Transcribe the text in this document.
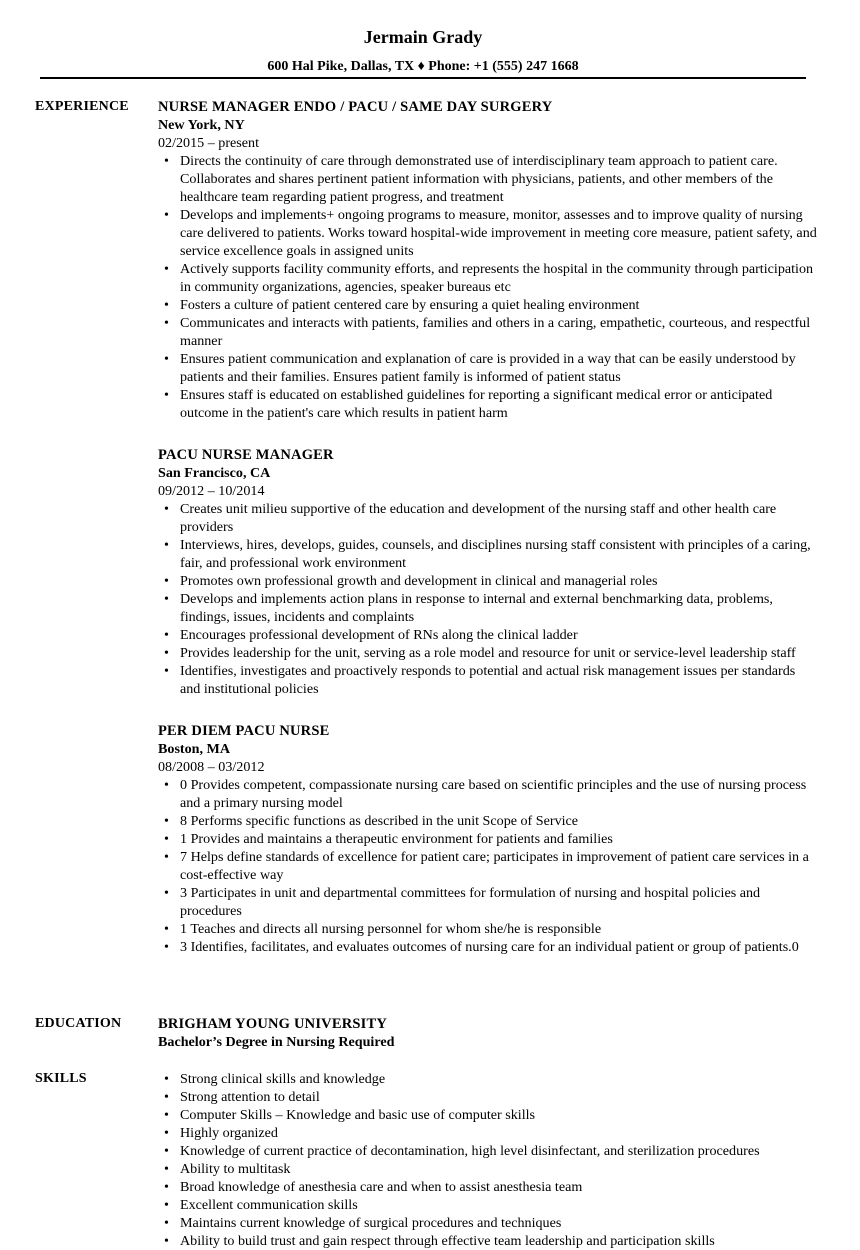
Jermain Grady
600 Hal Pike, Dallas, TX ♦ Phone: +1 (555) 247 1668
EXPERIENCE	NURSE MANAGER ENDO / PACU / SAME DAY SURGERY
New York, NY
02/2015 – present
• Directs the continuity of care through demonstrated use of interdisciplinary team approach to patient care. Collaborates and shares pertinent patient information with physicians, patients, and other members of the healthcare team regarding patient progress, and treatment
• Develops and implements+ ongoing programs to measure, monitor, assesses and to improve quality of nursing care delivered to patients. Works toward hospital-wide improvement in meeting core measure, patient safety, and service excellence goals in assigned units
• Actively supports facility community efforts, and represents the hospital in the community through participation in community organizations, agencies, speaker bureaus etc
• Fosters a culture of patient centered care by ensuring a quiet healing environment
• Communicates and interacts with patients, families and others in a caring, empathetic, courteous, and respectful manner
• Ensures patient communication and explanation of care is provided in a way that can be easily understood by patients and their families. Ensures patient family is informed of patient status
• Ensures staff is educated on established guidelines for reporting a significant medical error or anticipated outcome in the patient's care which results in patient harm
PACU NURSE MANAGER
San Francisco, CA
09/2012 – 10/2014
• Creates unit milieu supportive of the education and development of the nursing staff and other health care providers
• Interviews, hires, develops, guides, counsels, and disciplines nursing staff consistent with principles of a caring, fair, and professional work environment
• Promotes own professional growth and development in clinical and managerial roles
• Develops and implements action plans in response to internal and external benchmarking data, problems, findings, issues, incidents and complaints
• Encourages professional development of RNs along the clinical ladder
• Provides leadership for the unit, serving as a role model and resource for unit or service-level leadership staff
• Identifies, investigates and proactively responds to potential and actual risk management issues per standards and institutional policies
PER DIEM PACU NURSE
Boston, MA
08/2008 – 03/2012
• 0 Provides competent, compassionate nursing care based on scientific principles and the use of nursing process and a primary nursing model
• 8 Performs specific functions as described in the unit Scope of Service
• 1 Provides and maintains a therapeutic environment for patients and families
• 7 Helps define standards of excellence for patient care; participates in improvement of patient care services in a cost-effective way
• 3 Participates in unit and departmental committees for formulation of nursing and hospital policies and procedures
• 1 Teaches and directs all nursing personnel for whom she/he is responsible
• 3 Identifies, facilitates, and evaluates outcomes of nursing care for an individual patient or group of patients.0
EDUCATION	BRIGHAM YOUNG UNIVERSITY
Bachelor’s Degree in Nursing Required
SKILLS
•	Strong clinical skills and knowledge
• Strong attention to detail
• Computer Skills – Knowledge and basic use of computer skills
• Highly organized
• Knowledge of current practice of decontamination, high level disinfectant, and sterilization procedures
• Ability to multitask
• Broad knowledge of anesthesia care and when to assist anesthesia team
• Excellent communication skills
• Maintains current knowledge of surgical procedures and techniques
• Ability to build trust and gain respect through effective team leadership and participation skills
